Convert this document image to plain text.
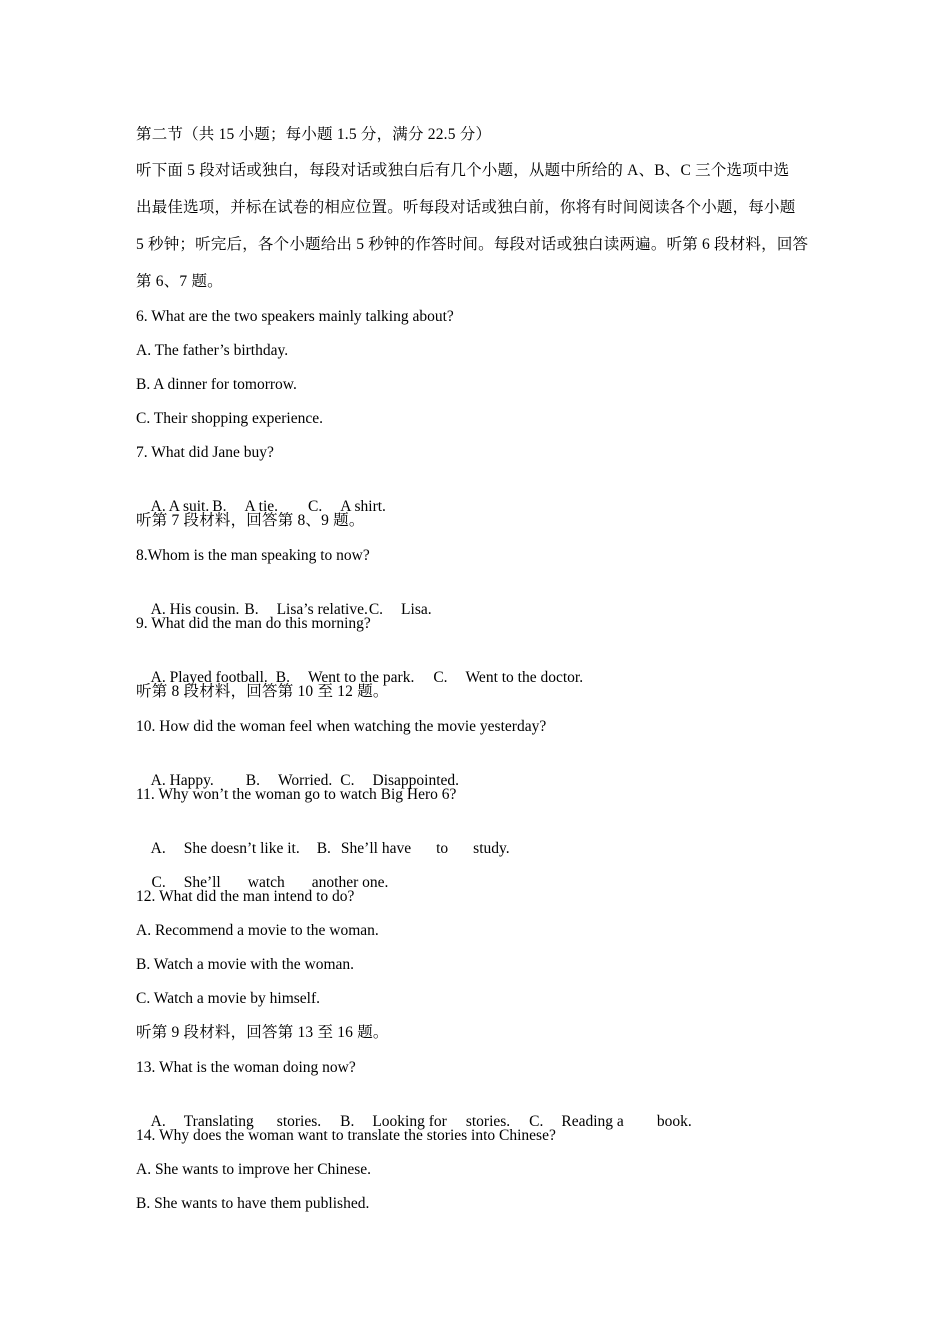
第二节（共 15 小题；每小题 1.5 分，满分 22.5 分）
听下面 5 段对话或独白，每段对话或独白后有几个小题，从题中所给的 A、B、C 三个选项中选
出最佳选项，并标在试卷的相应位置。听每段对话或独白前，你将有时间阅读各个小题，每小题
5 秒钟；听完后，各个小题给出 5 秒钟的作答时间。每段对话或独白读两遍。听第 6 段材料，回答
第 6、7 题。
6. What are the two speakers mainly talking about?
A. The father’s birthday.
B. A dinner for tomorrow.
C. Their shopping experience.
7. What did Jane buy?

A. A suit. B. A tie. C. A shirt.

听第 7 段材料，回答第 8、9 题。
8.Whom is the man speaking to now?

A. His cousin. B. Lisa’s relative.C. Lisa.

9. What did the man do this morning?

A. Played football. B. Went to the park. C. Went to the doctor.

听第 8 段材料，回答第 10 至 12 题。
10. How did the woman feel when watching the movie yesterday?

A. Happy. B. Worried. C. Disappointed.

11. Why won’t the woman go to watch Big Hero 6?

A. She doesn’t like it. B. She’ll have to study.

C. She’ll watch another one.

12. What did the man intend to do?
A. Recommend a movie to the woman.
B. Watch a movie with the woman.
C. Watch a movie by himself.
听第 9 段材料，回答第 13 至 16 题。
13. What is the woman doing now?

A. Translating stories. B. Looking for stories. C. Reading a book.

14. Why does the woman want to translate the stories into Chinese?
A. She wants to improve her Chinese.
B. She wants to have them published.
